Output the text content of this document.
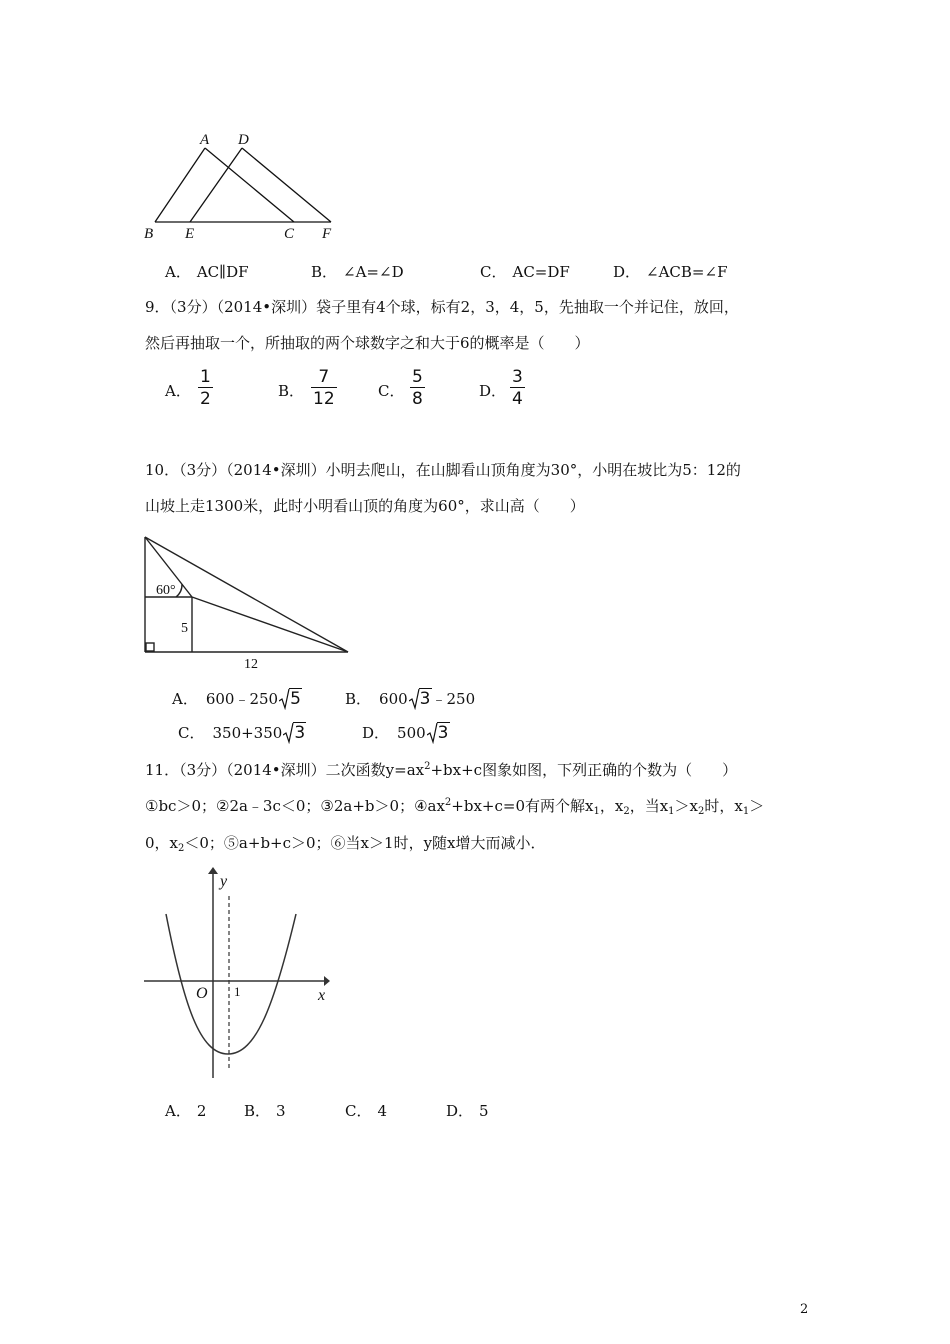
A D
B E	C F
A． AC∥DF	B． ∠A=∠D	C． AC=DF	D． ∠ACB=∠F
9．（3分）（2014•深圳）袋子里有4个球，标有2，3，4，5，先抽取一个并记住，放回，
然后再抽取一个，所抽取的两个球数字之和大于6的概率是（　　）
A．
1
2	B．
7
12	C．
5
8	D．
3
4
10．（3分）（2014•深圳）小明去爬山，在山脚看山顶角度为30°，小明在坡比为5：12的
山坡上走1300米，此时小明看山顶的角度为60°，求山高（　　）
60°
5
12
A． 600﹣250 5	B． 600 3﹣250
C． 350+350 3	D． 500 3
11．（3分）（2014•深圳）二次函数$y=ax^2+bx+c$图象如图，下列正确的个数为（　　）
①bc＞0；②2a﹣3c＜0；③2a+b＞0；$④ax^2+bx+c=0$有两个解$x_1$，$x_2$，当$x_1>x_2$时，$x_1>$
0，$x_2<0$；⑤a+b+c＞0；⑥当x＞1时，y随x增大而减小．
y
x
O 1
A． 2	B． 3	C． 4	D． 5
2
